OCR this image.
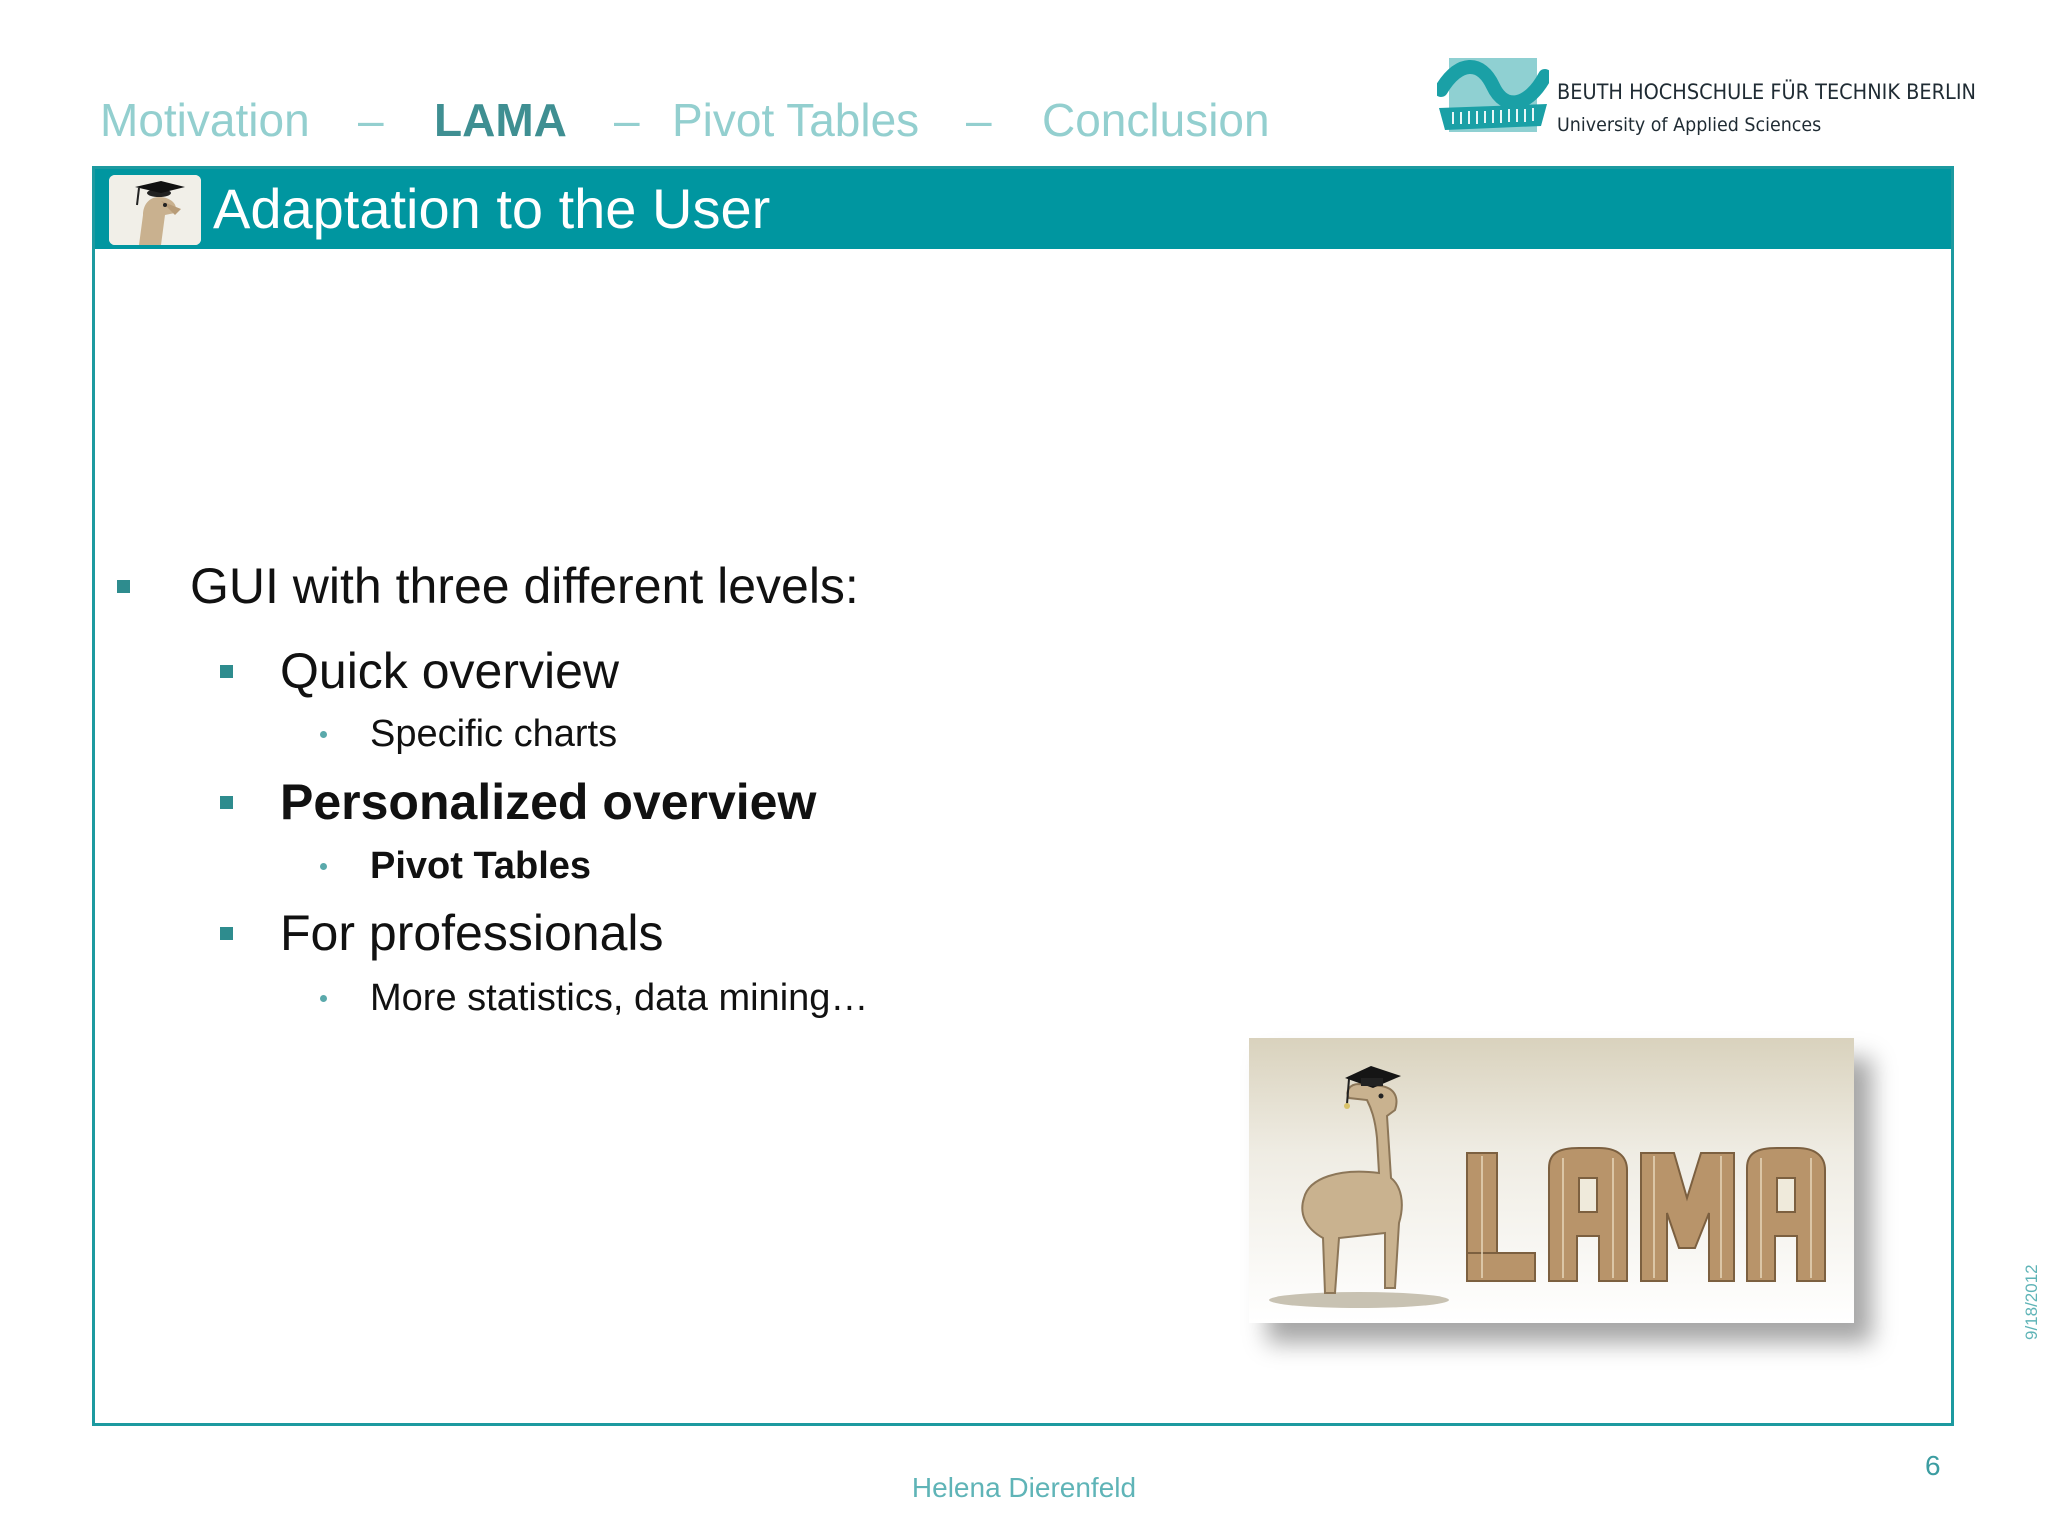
Motivation – LAMA – Pivot Tables – Conclusion
BEUTH HOCHSCHULE FÜR TECHNIK BERLIN
University of Applied Sciences
Adaptation to the User
GUI with three different levels:
Quick overview
Specific charts
Personalized overview
Pivot Tables
For professionals
More statistics, data mining…
Helena Dierenfeld
6
9/18/2012
